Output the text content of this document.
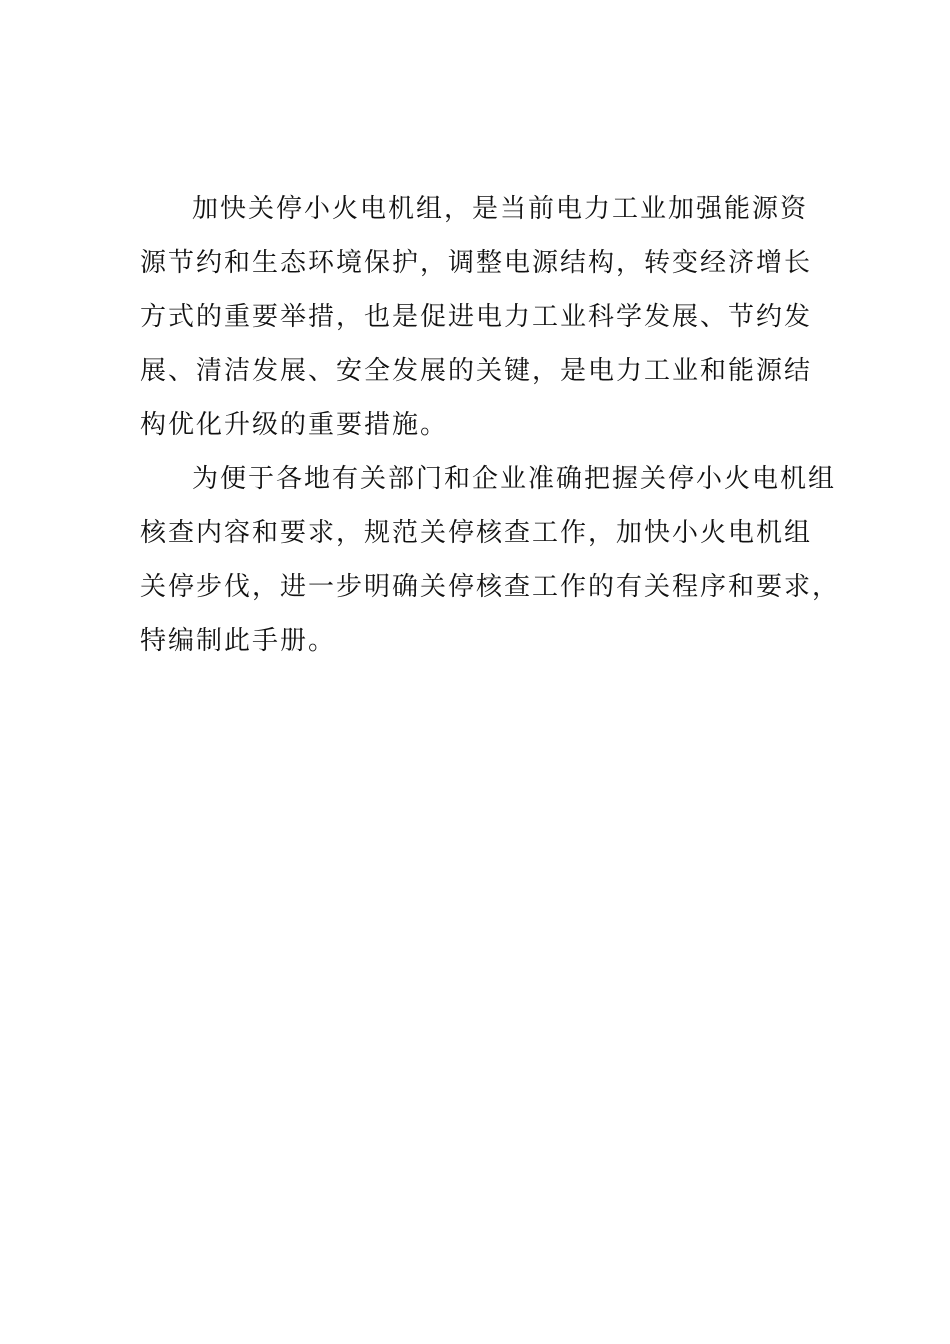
加快关停小火电机组，是当前电力工业加强能源资
源节约和生态环境保护，调整电源结构，转变经济增长
方式的重要举措，也是促进电力工业科学发展、节约发
展、清洁发展、安全发展的关键，是电力工业和能源结
构优化升级的重要措施。
为便于各地有关部门和企业准确把握关停小火电机组
核查内容和要求，规范关停核查工作，加快小火电机组
关停步伐，进一步明确关停核查工作的有关程序和要求，
特编制此手册。
